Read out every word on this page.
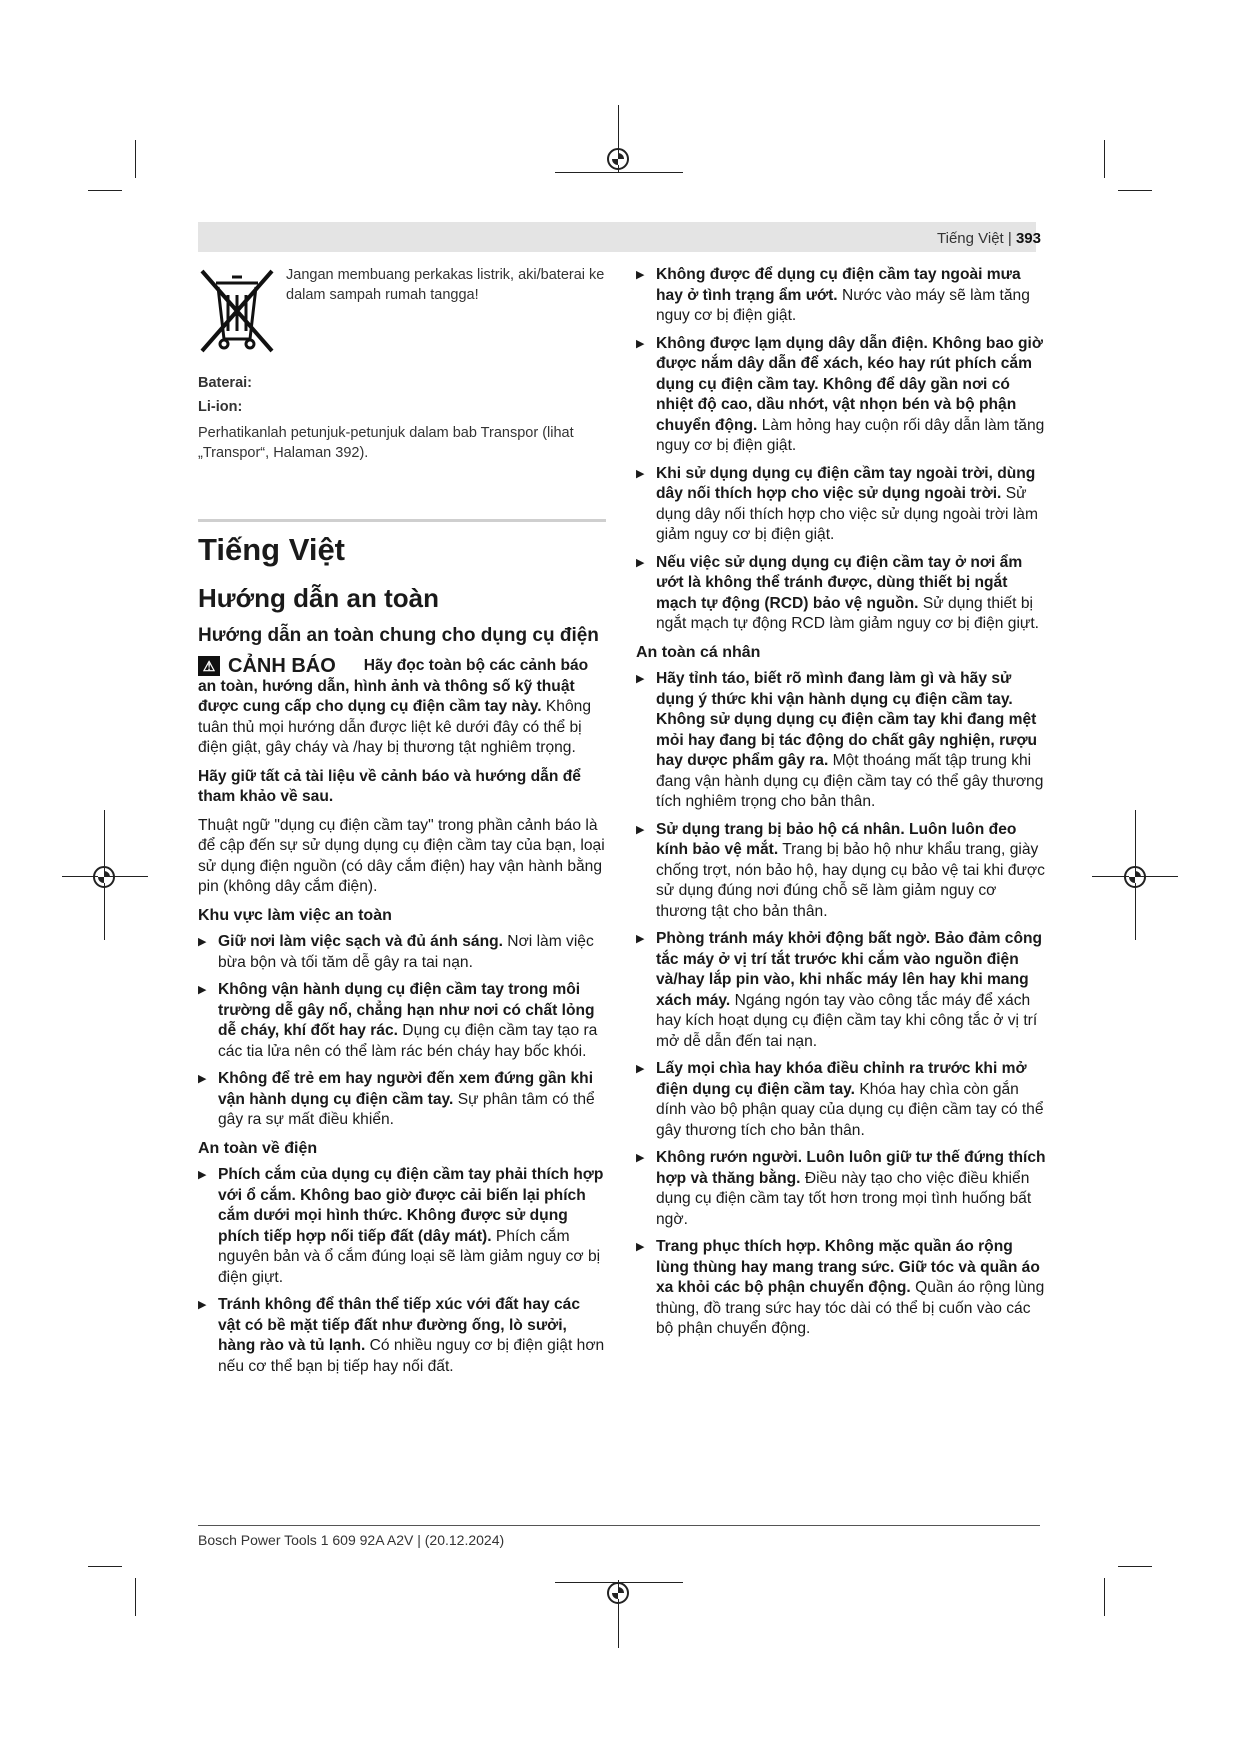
Tiếng Việt | 393
Jangan membuang perkakas listrik, aki/baterai ke dalam sampah rumah tangga!
Baterai:
Li-ion:
Perhatikanlah petunjuk-petunjuk dalam bab Transpor (lihat „Transpor“, Halaman 392).
Tiếng Việt
Hướng dẫn an toàn
Hướng dẫn an toàn chung cho dụng cụ điện

⚠ CẢNH BÁO Hãy đọc toàn bộ các cảnh báo an toàn, hướng dẫn, hình ảnh và thông số kỹ thuật được cung cấp cho dụng cụ điện cầm tay này. Không tuân thủ mọi hướng dẫn được liệt kê dưới đây có thể bị điện giật, gây cháy và /hay bị thương tật nghiêm trọng.

Hãy giữ tất cả tài liệu về cảnh báo và hướng dẫn để tham khảo về sau.

Thuật ngữ "dụng cụ điện cầm tay" trong phần cảnh báo là để cập đến sự sử dụng dụng cụ điện cầm tay của bạn, loại sử dụng điện nguồn (có dây cắm điện) hay vận hành bằng pin (không dây cắm điện).

Khu vực làm việc an toàn
▶ Giữ nơi làm việc sạch và đủ ánh sáng. Nơi làm việc bừa bộn và tối tăm dễ gây ra tai nạn.
▶ Không vận hành dụng cụ điện cầm tay trong môi trường dễ gây nổ, chẳng hạn như nơi có chất lỏng dễ cháy, khí đốt hay rác. Dụng cụ điện cầm tay tạo ra các tia lửa nên có thể làm rác bén cháy hay bốc khói.
▶ Không để trẻ em hay người đến xem đứng gần khi vận hành dụng cụ điện cầm tay. Sự phân tâm có thể gây ra sự mất điều khiển.
An toàn về điện
▶ Phích cắm của dụng cụ điện cầm tay phải thích hợp với ổ cắm. Không bao giờ được cải biến lại phích cắm dưới mọi hình thức. Không được sử dụng phích tiếp hợp nối tiếp đất (dây mát). Phích cắm nguyên bản và ổ cắm đúng loại sẽ làm giảm nguy cơ bị điện giựt.
▶ Tránh không để thân thể tiếp xúc với đất hay các vật có bề mặt tiếp đất như đường ống, lò sưởi, hàng rào và tủ lạnh. Có nhiều nguy cơ bị điện giật hơn nếu cơ thể bạn bị tiếp hay nối đất.
▶ Không được để dụng cụ điện cầm tay ngoài mưa hay ở tình trạng ẩm ướt. Nước vào máy sẽ làm tăng nguy cơ bị điện giật.
▶ Không được lạm dụng dây dẫn điện. Không bao giờ được nắm dây dẫn để xách, kéo hay rút phích cắm dụng cụ điện cầm tay. Không để dây gần nơi có nhiệt độ cao, dầu nhớt, vật nhọn bén và bộ phận chuyển động. Làm hỏng hay cuộn rối dây dẫn làm tăng nguy cơ bị điện giật.
▶ Khi sử dụng dụng cụ điện cầm tay ngoài trời, dùng dây nối thích hợp cho việc sử dụng ngoài trời. Sử dụng dây nối thích hợp cho việc sử dụng ngoài trời làm giảm nguy cơ bị điện giật.
▶ Nếu việc sử dụng dụng cụ điện cầm tay ở nơi ẩm ướt là không thể tránh được, dùng thiết bị ngắt mạch tự động (RCD) bảo vệ nguồn. Sử dụng thiết bị ngắt mạch tự động RCD làm giảm nguy cơ bị điện giựt.
An toàn cá nhân
▶ Hãy tỉnh táo, biết rõ mình đang làm gì và hãy sử dụng ý thức khi vận hành dụng cụ điện cầm tay. Không sử dụng dụng cụ điện cầm tay khi đang mệt mỏi hay đang bị tác động do chất gây nghiện, rượu hay dược phẩm gây ra. Một thoáng mất tập trung khi đang vận hành dụng cụ điện cầm tay có thể gây thương tích nghiêm trọng cho bản thân.
▶ Sử dụng trang bị bảo hộ cá nhân. Luôn luôn đeo kính bảo vệ mắt. Trang bị bảo hộ như khẩu trang, giày chống trợt, nón bảo hộ, hay dụng cụ bảo vệ tai khi được sử dụng đúng nơi đúng chỗ sẽ làm giảm nguy cơ thương tật cho bản thân.
▶ Phòng tránh máy khởi động bất ngờ. Bảo đảm công tắc máy ở vị trí tắt trước khi cắm vào nguồn điện và/hay lắp pin vào, khi nhấc máy lên hay khi mang xách máy. Ngáng ngón tay vào công tắc máy để xách hay kích hoạt dụng cụ điện cầm tay khi công tắc ở vị trí mở dễ dẫn đến tai nạn.
▶ Lấy mọi chìa hay khóa điều chỉnh ra trước khi mở điện dụng cụ điện cầm tay. Khóa hay chìa còn gắn dính vào bộ phận quay của dụng cụ điện cầm tay có thể gây thương tích cho bản thân.
▶ Không rướn người. Luôn luôn giữ tư thế đứng thích hợp và thăng bằng. Điều này tạo cho việc điều khiển dụng cụ điện cầm tay tốt hơn trong mọi tình huống bất ngờ.
▶ Trang phục thích hợp. Không mặc quần áo rộng lùng thùng hay mang trang sức. Giữ tóc và quần áo xa khỏi các bộ phận chuyển động. Quần áo rộng lùng thùng, đồ trang sức hay tóc dài có thể bị cuốn vào các bộ phận chuyển động.
Bosch Power Tools 1 609 92A A2V | (20.12.2024)
